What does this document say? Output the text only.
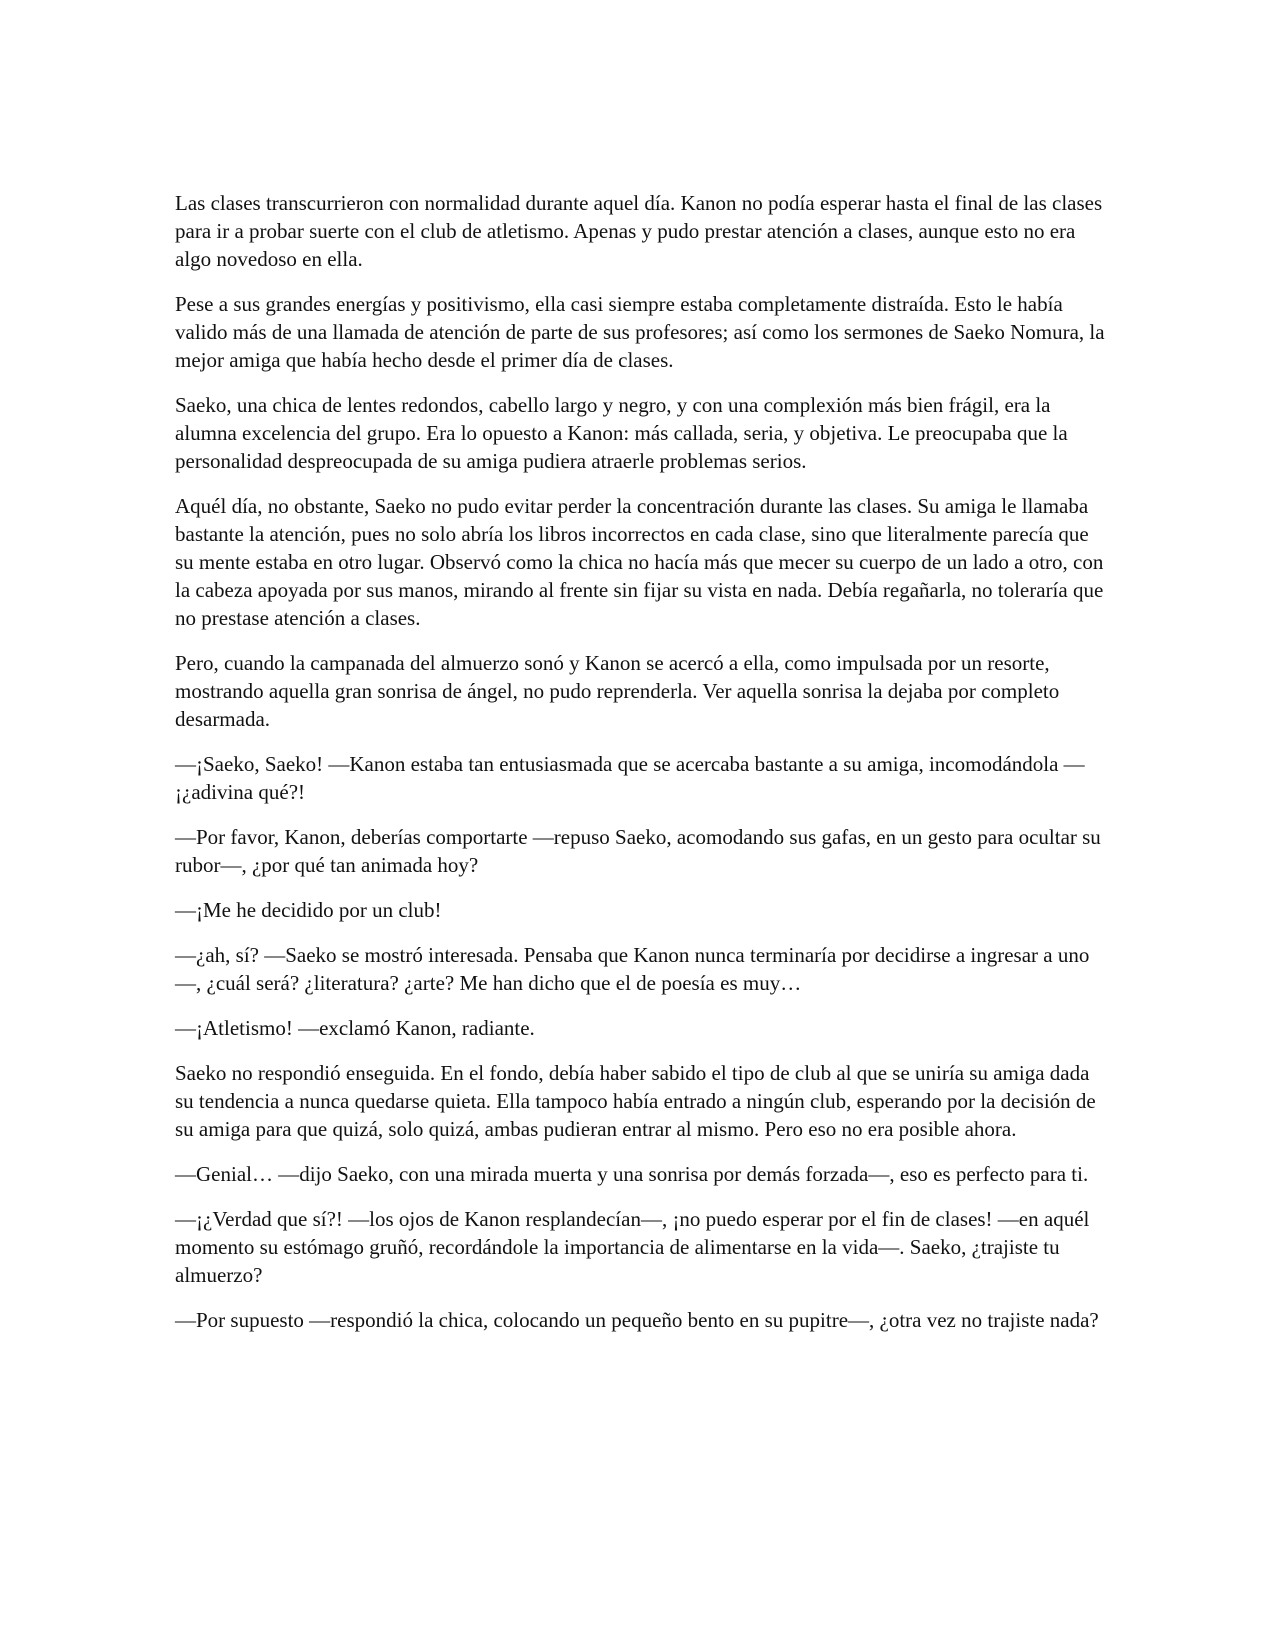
Las clases transcurrieron con normalidad durante aquel día. Kanon no podía esperar hasta el final de las clases para ir a probar suerte con el club de atletismo. Apenas y pudo prestar atención a clases, aunque esto no era algo novedoso en ella.

Pese a sus grandes energías y positivismo, ella casi siempre estaba completamente distraída. Esto le había valido más de una llamada de atención de parte de sus profesores; así como los sermones de Saeko Nomura, la mejor amiga que había hecho desde el primer día de clases.

Saeko, una chica de lentes redondos, cabello largo y negro, y con una complexión más bien frágil, era la alumna excelencia del grupo. Era lo opuesto a Kanon: más callada, seria, y objetiva. Le preocupaba que la personalidad despreocupada de su amiga pudiera atraerle problemas serios.

Aquél día, no obstante, Saeko no pudo evitar perder la concentración durante las clases. Su amiga le llamaba bastante la atención, pues no solo abría los libros incorrectos en cada clase, sino que literalmente parecía que su mente estaba en otro lugar. Observó como la chica no hacía más que mecer su cuerpo de un lado a otro, con la cabeza apoyada por sus manos, mirando al frente sin fijar su vista en nada. Debía regañarla, no toleraría que no prestase atención a clases.

Pero, cuando la campanada del almuerzo sonó y Kanon se acercó a ella, como impulsada por un resorte, mostrando aquella gran sonrisa de ángel, no pudo reprenderla. Ver aquella sonrisa la dejaba por completo desarmada.

—¡Saeko, Saeko! —Kanon estaba tan entusiasmada que se acercaba bastante a su amiga, incomodándola —¡¿adivina qué?!

—Por favor, Kanon, deberías comportarte —repuso Saeko, acomodando sus gafas, en un gesto para ocultar su rubor—, ¿por qué tan animada hoy?

—¡Me he decidido por un club!

—¿ah, sí? —Saeko se mostró interesada. Pensaba que Kanon nunca terminaría por decidirse a ingresar a uno—, ¿cuál será? ¿literatura? ¿arte? Me han dicho que el de poesía es muy…

—¡Atletismo! —exclamó Kanon, radiante.

Saeko no respondió enseguida. En el fondo, debía haber sabido el tipo de club al que se uniría su amiga dada su tendencia a nunca quedarse quieta. Ella tampoco había entrado a ningún club, esperando por la decisión de su amiga para que quizá, solo quizá, ambas pudieran entrar al mismo. Pero eso no era posible ahora.

—Genial… —dijo Saeko, con una mirada muerta y una sonrisa por demás forzada—, eso es perfecto para ti.

—¡¿Verdad que sí?! —los ojos de Kanon resplandecían—, ¡no puedo esperar por el fin de clases! —en aquél momento su estómago gruñó, recordándole la importancia de alimentarse en la vida—. Saeko, ¿trajiste tu almuerzo?

—Por supuesto —respondió la chica, colocando un pequeño bento en su pupitre—, ¿otra vez no trajiste nada?
